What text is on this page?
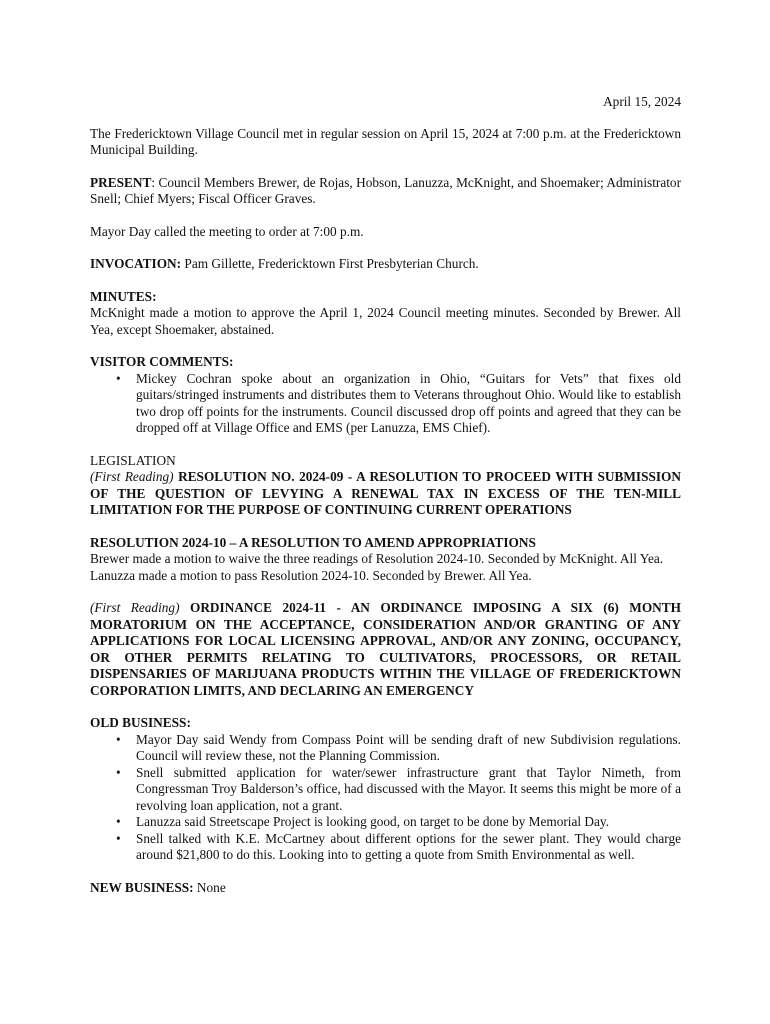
April 15, 2024

The Fredericktown Village Council met in regular session on April 15, 2024 at 7:00 p.m. at the Fredericktown Municipal Building.

PRESENT: Council Members Brewer, de Rojas, Hobson, Lanuzza, McKnight, and Shoemaker; Administrator Snell; Chief Myers; Fiscal Officer Graves.

Mayor Day called the meeting to order at 7:00 p.m.

INVOCATION: Pam Gillette, Fredericktown First Presbyterian Church.

MINUTES:

McKnight made a motion to approve the April 1, 2024 Council meeting minutes. Seconded by Brewer. All Yea, except Shoemaker, abstained.

VISITOR COMMENTS:
• Mickey Cochran spoke about an organization in Ohio, “Guitars for Vets” that fixes old guitars/stringed instruments and distributes them to Veterans throughout Ohio. Would like to establish two drop off points for the instruments. Council discussed drop off points and agreed that they can be dropped off at Village Office and EMS (per Lanuzza, EMS Chief).
LEGISLATION
(First Reading) RESOLUTION NO. 2024-09 - A RESOLUTION TO PROCEED WITH SUBMISSION OF THE QUESTION OF LEVYING A RENEWAL TAX IN EXCESS OF THE TEN-MILL LIMITATION FOR THE PURPOSE OF CONTINUING CURRENT OPERATIONS
RESOLUTION 2024-10 – A RESOLUTION TO AMEND APPROPRIATIONS
Brewer made a motion to waive the three readings of Resolution 2024-10. Seconded by McKnight. All Yea.
Lanuzza made a motion to pass Resolution 2024-10. Seconded by Brewer. All Yea.
(First Reading) ORDINANCE 2024-11 - AN ORDINANCE IMPOSING A SIX (6) MONTH MORATORIUM ON THE ACCEPTANCE, CONSIDERATION AND/OR GRANTING OF ANY APPLICATIONS FOR LOCAL LICENSING APPROVAL, AND/OR ANY ZONING, OCCUPANCY, OR OTHER PERMITS RELATING TO CULTIVATORS, PROCESSORS, OR RETAIL DISPENSARIES OF MARIJUANA PRODUCTS WITHIN THE VILLAGE OF FREDERICKTOWN CORPORATION LIMITS, AND DECLARING AN EMERGENCY
OLD BUSINESS:
• Mayor Day said Wendy from Compass Point will be sending draft of new Subdivision regulations. Council will review these, not the Planning Commission.
• Snell submitted application for water/sewer infrastructure grant that Taylor Nimeth, from Congressman Troy Balderson’s office, had discussed with the Mayor. It seems this might be more of a revolving loan application, not a grant.
• Lanuzza said Streetscape Project is looking good, on target to be done by Memorial Day.
• Snell talked with K.E. McCartney about different options for the sewer plant. They would charge around $21,800 to do this. Looking into to getting a quote from Smith Environmental as well.
NEW BUSINESS: None
